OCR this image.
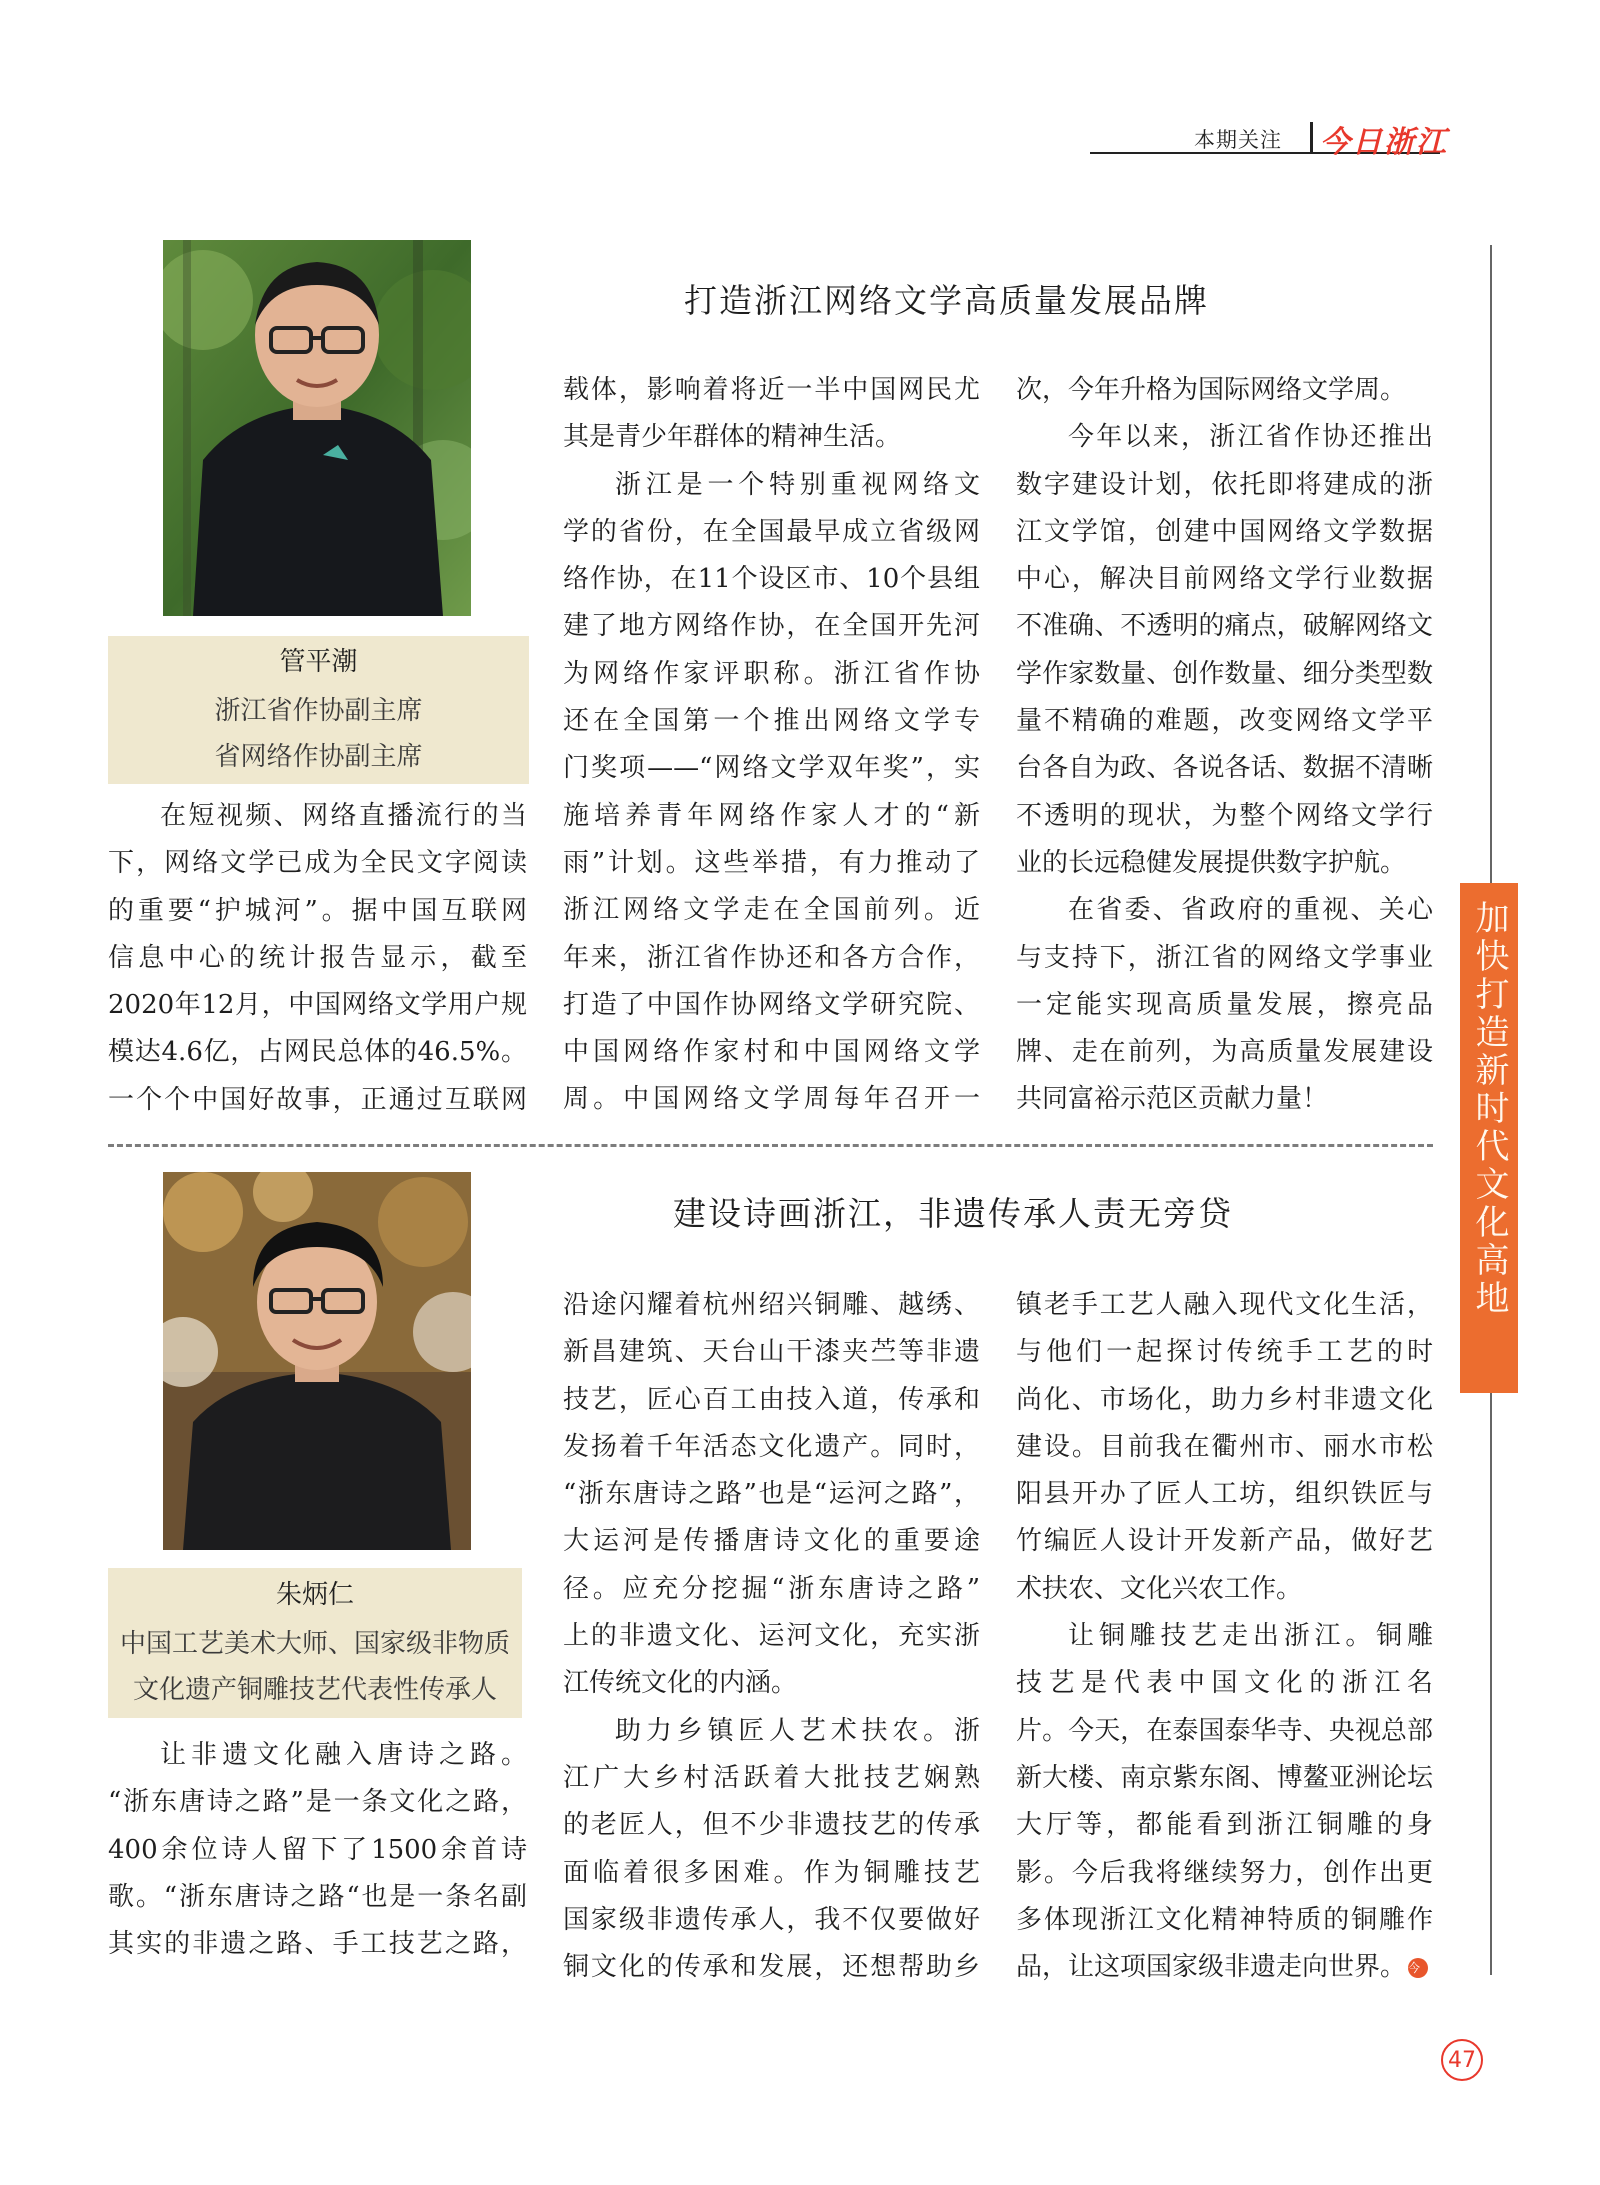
本期关注 今日浙江
加快打造新时代文化高地
管平潮
浙江省作协副主席
省网络作协副主席
打造浙江网络文学高质量发展品牌

在短视频、网络直播流行的当

下，网络文学已成为全民文字阅读

的重要“护城河”。据中国互联网

信息中心的统计报告显示，截至

2020年12月，中国网络文学用户规

模达4.6亿，占网民总体的46.5%。

一个个中国好故事，正通过互联网

载体，影响着将近一半中国网民尤

其是青少年群体的精神生活。

浙江是一个特别重视网络文

学的省份，在全国最早成立省级网

络作协，在11个设区市、10个县组

建了地方网络作协，在全国开先河

为网络作家评职称。浙江省作协

还在全国第一个推出网络文学专

门奖项——“网络文学双年奖”，实

施培养青年网络作家人才的“新

雨”计划。这些举措，有力推动了

浙江网络文学走在全国前列。近

年来，浙江省作协还和各方合作，

打造了中国作协网络文学研究院、

中国网络作家村和中国网络文学

周。中国网络文学周每年召开一

次，今年升格为国际网络文学周。

今年以来，浙江省作协还推出

数字建设计划，依托即将建成的浙

江文学馆，创建中国网络文学数据

中心，解决目前网络文学行业数据

不准确、不透明的痛点，破解网络文

学作家数量、创作数量、细分类型数

量不精确的难题，改变网络文学平

台各自为政、各说各话、数据不清晰

不透明的现状，为整个网络文学行

业的长远稳健发展提供数字护航。

在省委、省政府的重视、关心

与支持下，浙江省的网络文学事业

一定能实现高质量发展，擦亮品

牌、走在前列，为高质量发展建设

共同富裕示范区贡献力量！

朱炳仁
中国工艺美术大师、国家级非物质
文化遗产铜雕技艺代表性传承人
建设诗画浙江，非遗传承人责无旁贷

让非遗文化融入唐诗之路。

“浙东唐诗之路”是一条文化之路，

400余位诗人留下了1500余首诗

歌。“浙东唐诗之路“也是一条名副

其实的非遗之路、手工技艺之路，

沿途闪耀着杭州绍兴铜雕、越绣、

新昌建筑、天台山干漆夹苎等非遗

技艺，匠心百工由技入道，传承和

发扬着千年活态文化遗产。同时，

“浙东唐诗之路”也是“运河之路”，

大运河是传播唐诗文化的重要途

径。应充分挖掘“浙东唐诗之路”

上的非遗文化、运河文化，充实浙

江传统文化的内涵。

助力乡镇匠人艺术扶农。浙

江广大乡村活跃着大批技艺娴熟

的老匠人，但不少非遗技艺的传承

面临着很多困难。作为铜雕技艺

国家级非遗传承人，我不仅要做好

铜文化的传承和发展，还想帮助乡

镇老手工艺人融入现代文化生活，

与他们一起探讨传统手工艺的时

尚化、市场化，助力乡村非遗文化

建设。目前我在衢州市、丽水市松

阳县开办了匠人工坊，组织铁匠与

竹编匠人设计开发新产品，做好艺

术扶农、文化兴农工作。

让铜雕技艺走出浙江。铜雕

技艺是代表中国文化的浙江名

片。今天，在泰国泰华寺、央视总部

新大楼、南京紫东阁、博鳌亚洲论坛

大厅等，都能看到浙江铜雕的身

影。今后我将继续努力，创作出更

多体现浙江文化精神特质的铜雕作

品，让这项国家级非遗走向世界。 今

47
